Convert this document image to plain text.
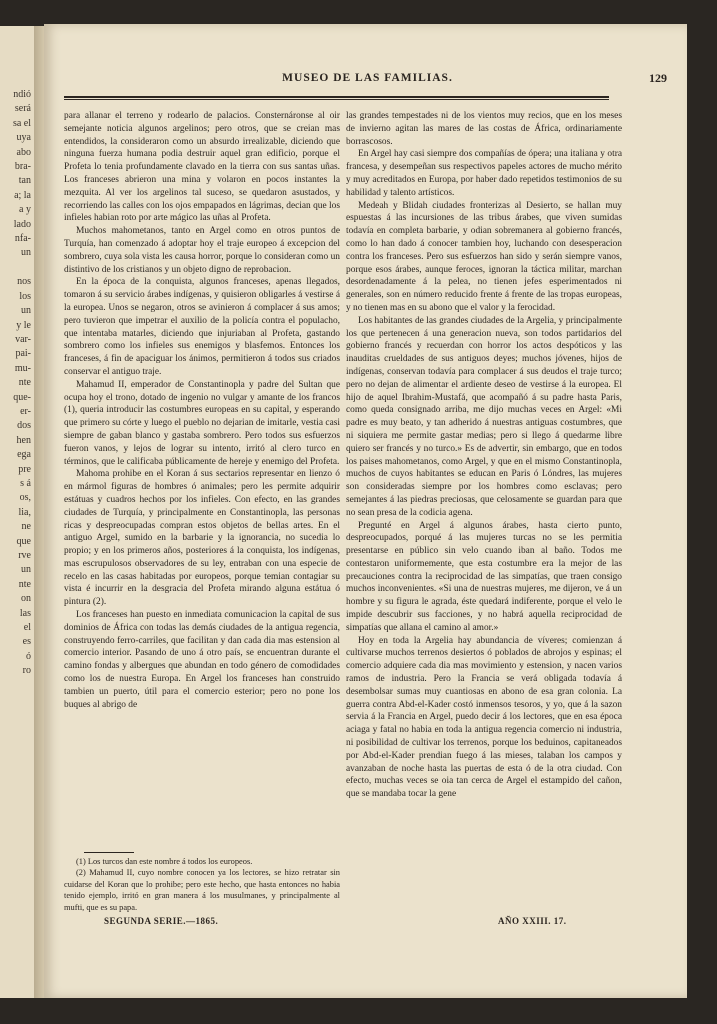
ndió
será
sa el
uya
abo
bra-
tan
a; la
a y
lado
nfa-
un

nos
los
un
y le
var-
pai-
mu-
nte
que-
er-
dos
hen
ega
pre
s á
os,
lia,
ne
que
rve
un
nte
on
las
el
es
ó
ro
MUSEO DE LAS FAMILIAS.	129

para allanar el terreno y rodearlo de palacios. Consternáronse al oir semejante noticia algunos argelinos; pero otros, que se creian mas entendidos, la consideraron como un absurdo irrealizable, diciendo que ninguna fuerza humana podia destruir aquel gran edificio, porque el Profeta lo tenia profundamente clavado en la tierra con sus santas uñas. Los franceses abrieron una mina y volaron en pocos instantes la mezquita. Al ver los argelinos tal suceso, se quedaron asustados, y recorriendo las calles con los ojos empapados en lágrimas, decian que los infieles habian roto por arte mágico las uñas al Profeta.

Muchos mahometanos, tanto en Argel como en otros puntos de Turquía, han comenzado á adoptar hoy el traje europeo á excepcion del sombrero, cuya sola vista les causa horror, porque lo consideran como un distintivo de los cristianos y un objeto digno de reprobacion.

En la época de la conquista, algunos franceses, apenas llegados, tomaron á su servicio árabes indígenas, y quisieron obligarles á vestirse á la europea. Unos se negaron, otros se avinieron á complacer á sus amos; pero tuvieron que impetrar el auxilio de la policía contra el populacho, que intentaba matarles, diciendo que injuriaban al Profeta, gastando sombrero como los infieles sus enemigos y blasfemos. Entonces los franceses, á fin de apaciguar los ánimos, permitieron á todos sus criados conservar el antiguo traje.

Mahamud II, emperador de Constantinopla y padre del Sultan que ocupa hoy el trono, dotado de ingenio no vulgar y amante de los francos (1), queria introducir las costumbres europeas en su capital, y esperando que primero su córte y luego el pueblo no dejarian de imitarle, vestia casi siempre de gaban blanco y gastaba sombrero. Pero todos sus esfuerzos fueron vanos, y lejos de lograr su intento, irritó al clero turco en términos, que le calificaba públicamente de hereje y enemigo del Profeta.

Mahoma prohibe en el Koran á sus sectarios representar en lienzo ó en mármol figuras de hombres ó animales; pero les permite adquirir estátuas y cuadros hechos por los infieles. Con efecto, en las grandes ciudades de Turquía, y principalmente en Constantinopla, las personas ricas y despreocupadas compran estos objetos de bellas artes. En el antiguo Argel, sumido en la barbarie y la ignorancia, no sucedia lo propio; y en los primeros años, posteriores á la conquista, los indígenas, mas escrupulosos observadores de su ley, entraban con una especie de recelo en las casas habitadas por europeos, porque temian contagiar su vista é incurrir en la desgracia del Profeta mirando alguna estátua ó pintura (2).

Los franceses han puesto en inmediata comunicacion la capital de sus dominios de África con todas las demás ciudades de la antigua regencia, construyendo ferro-carriles, que facilitan y dan cada dia mas estension al comercio interior. Pasando de uno á otro país, se encuentran durante el camino fondas y albergues que abundan en todo género de comodidades como los de nuestra Europa. En Argel los franceses han construido tambien un puerto, útil para el comercio esterior; pero no pone los buques al abrigo de

las grandes tempestades ni de los vientos muy recios, que en los meses de invierno agitan las mares de las costas de África, ordinariamente borrascosos.

En Argel hay casi siempre dos compañías de ópera; una italiana y otra francesa, y desempeñan sus respectivos papeles actores de mucho mérito y muy acreditados en Europa, por haber dado repetidos testimonios de su habilidad y talento artísticos.

Medeah y Blidah ciudades fronterizas al Desierto, se hallan muy espuestas á las incursiones de las tribus árabes, que viven sumidas todavía en completa barbarie, y odian sobremanera al gobierno francés, como lo han dado á conocer tambien hoy, luchando con desesperacion contra los franceses. Pero sus esfuerzos han sido y serán siempre vanos, porque esos árabes, aunque feroces, ignoran la táctica militar, marchan desordenadamente á la pelea, no tienen jefes esperimentados ni generales, son en número reducido frente á frente de las tropas europeas, y no tienen mas en su abono que el valor y la ferocidad.

Los habitantes de las grandes ciudades de la Argelia, y principalmente los que pertenecen á una generacion nueva, son todos partidarios del gobierno francés y recuerdan con horror los actos despóticos y las inauditas crueldades de sus antiguos deyes; muchos jóvenes, hijos de indígenas, conservan todavía para complacer á sus deudos el traje turco; pero no dejan de alimentar el ardiente deseo de vestirse á la europea. El hijo de aquel Ibrahim-Mustafá, que acompañó á su padre hasta Paris, como queda consignado arriba, me dijo muchas veces en Argel: «Mi padre es muy beato, y tan adherido á nuestras antiguas costumbres, que ni siquiera me permite gastar medias; pero si llego á quedarme libre quiero ser francés y no turco.» Es de advertir, sin embargo, que en todos los paises mahometanos, como Argel, y que en el mismo Constantinopla, muchos de cuyos habitantes se educan en Paris ó Lóndres, las mujeres son consideradas siempre por los hombres como esclavas; pero semejantes á las piedras preciosas, que celosamente se guardan para que no sean presa de la codicia agena.

Pregunté en Argel á algunos árabes, hasta cierto punto, despreocupados, porqué á las mujeres turcas no se les permitia presentarse en público sin velo cuando iban al baño. Todos me contestaron uniformemente, que esta costumbre era la mejor de las precauciones contra la reciprocidad de las simpatías, que traen consigo muchos inconvenientes. «Si una de nuestras mujeres, me dijeron, ve á un hombre y su figura le agrada, éste quedará indiferente, porque el velo le impide descubrir sus facciones, y no habrá aquella reciprocidad de simpatías que allana el camino al amor.»

Hoy en toda la Argelia hay abundancia de víveres; comienzan á cultivarse muchos terrenos desiertos ó poblados de abrojos y espinas; el comercio adquiere cada dia mas movimiento y estension, y nacen varios ramos de industria. Pero la Francia se verá obligada todavía á desembolsar sumas muy cuantiosas en abono de esa gran colonia. La guerra contra Abd-el-Kader costó inmensos tesoros, y yo, que á la sazon servia á la Francia en Argel, puedo decir á los lectores, que en esa época aciaga y fatal no habia en toda la antigua regencia comercio ni industria, ni posibilidad de cultivar los terrenos, porque los beduinos, capitaneados por Abd-el-Kader prendian fuego á las mieses, talaban los campos y avanzaban de noche hasta las puertas de esta ó de la otra ciudad. Con efecto, muchas veces se oia tan cerca de Argel el estampido del cañon, que se mandaba tocar la gene

(1) Los turcos dan este nombre á todos los europeos.

(2) Mahamud II, cuyo nombre conocen ya los lectores, se hizo retratar sin cuidarse del Koran que lo prohibe; pero este hecho, que hasta entonces no habia tenido ejemplo, irritó en gran manera á los musulmanes, y principalmente al mufti, que es su papa.

SEGUNDA SERIE.—1865.	AÑO XXIII. 17.
